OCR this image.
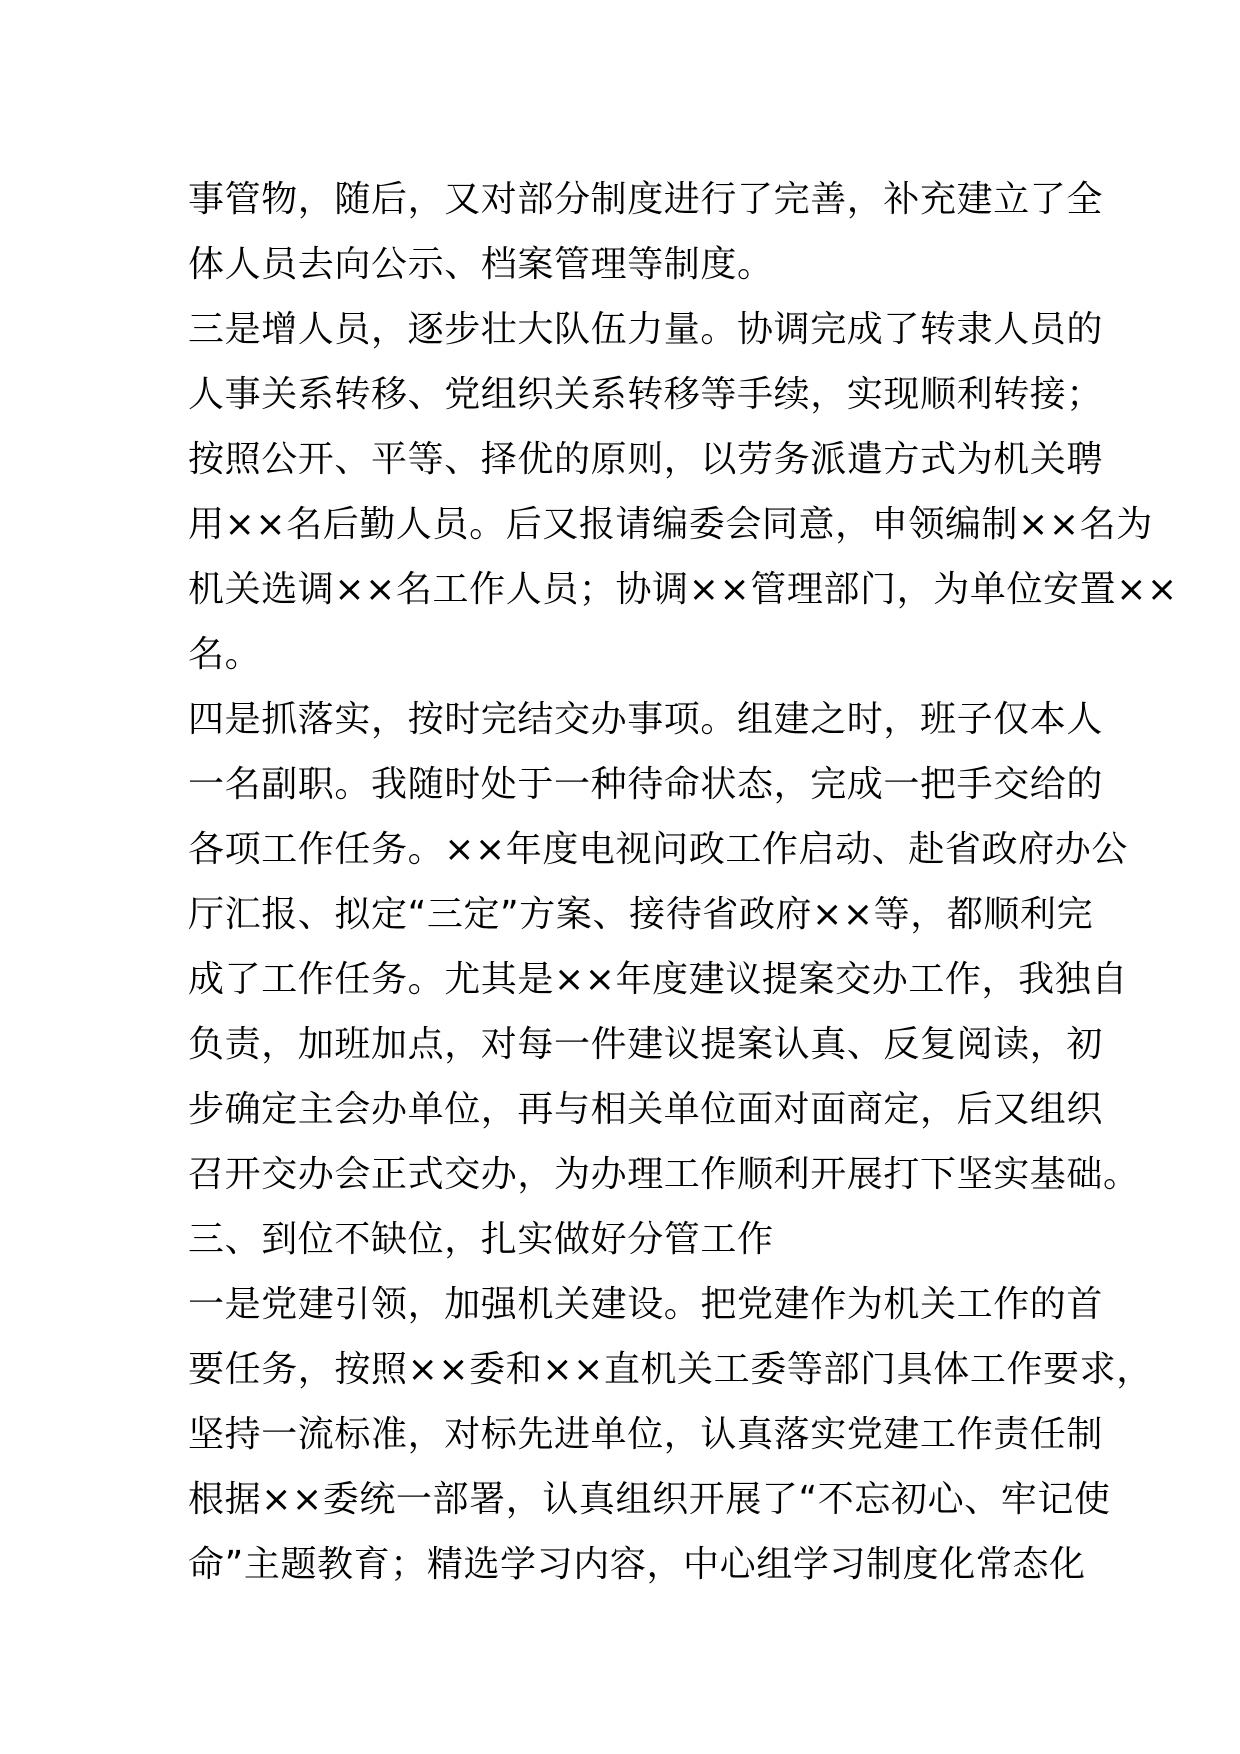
事管物，随后，又对部分制度进行了完善，补充建立了全
体人员去向公示、档案管理等制度。
三是增人员，逐步壮大队伍力量。协调完成了转隶人员的
人事关系转移、党组织关系转移等手续，实现顺利转接；
按照公开、平等、择优的原则，以劳务派遣方式为机关聘
用××名后勤人员。后又报请编委会同意，申领编制××名为
机关选调××名工作人员；协调××管理部门，为单位安置××
名。
四是抓落实，按时完结交办事项。组建之时，班子仅本人
一名副职。我随时处于一种待命状态，完成一把手交给的
各项工作任务。××年度电视问政工作启动、赴省政府办公
厅汇报、拟定“三定”方案、接待省政府××等，都顺利完
成了工作任务。尤其是××年度建议提案交办工作，我独自
负责，加班加点，对每一件建议提案认真、反复阅读，初
步确定主会办单位，再与相关单位面对面商定，后又组织
召开交办会正式交办，为办理工作顺利开展打下坚实基础。
三、到位不缺位，扎实做好分管工作
一是党建引领，加强机关建设。把党建作为机关工作的首
要任务，按照××委和××直机关工委等部门具体工作要求，
坚持一流标准，对标先进单位，认真落实党建工作责任制
根据××委统一部署，认真组织开展了“不忘初心、牢记使
命”主题教育；精选学习内容，中心组学习制度化常态化
